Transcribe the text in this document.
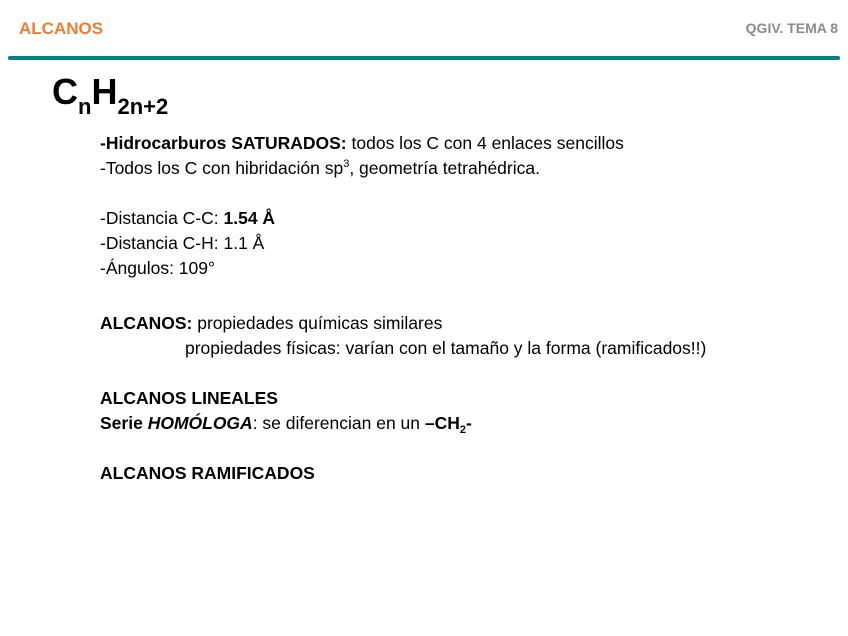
ALCANOS	QGIV. TEMA 8
$C_nH_{2n+2}$
-Hidrocarburos SATURADOS: todos los C con 4 enlaces sencillos
-Todos los C con hibridación $sp^3$, geometría tetrahédrica.
-Distancia C-C: 1.54 Å
-Distancia C-H: 1.1 Å
-Ángulos: 109°
ALCANOS: propiedades químicas similares
propiedades físicas: varían con el tamaño y la forma (ramificados!!)
ALCANOS LINEALES
Serie HOMÓLOGA: se diferencian en un $-CH_2-$
ALCANOS RAMIFICADOS
